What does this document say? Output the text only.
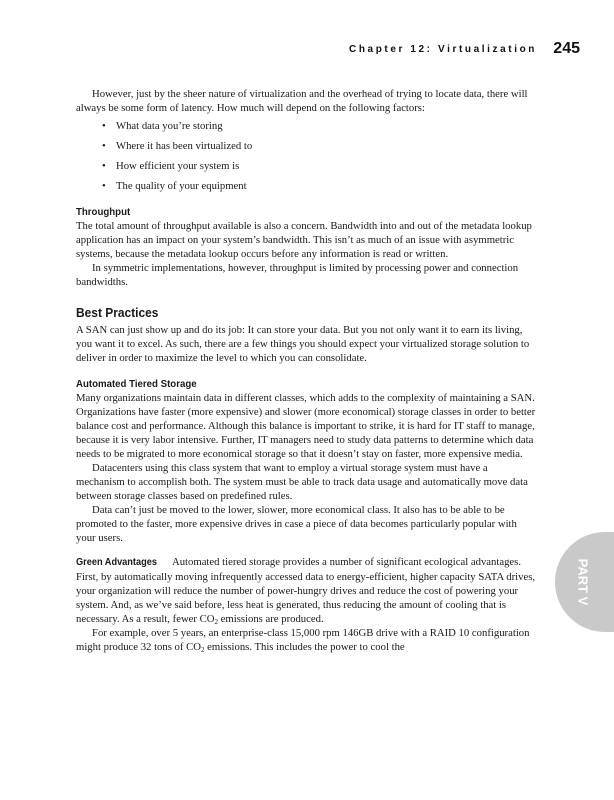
Chapter 12: Virtualization 245

However, just by the sheer nature of virtualization and the overhead of trying to locate data, there will always be some form of latency. How much will depend on the following factors:

• What data you’re storing
• Where it has been virtualized to
• How efficient your system is
• The quality of your equipment
Throughput

The total amount of throughput available is also a concern. Bandwidth into and out of the metadata lookup application has an impact on your system’s bandwidth. This isn’t as much of an issue with asymmetric systems, because the metadata lookup occurs before any information is read or written.

In symmetric implementations, however, throughput is limited by processing power and connection bandwidths.

Best Practices

A SAN can just show up and do its job: It can store your data. But you not only want it to earn its living, you want it to excel. As such, there are a few things you should expect your virtualized storage solution to deliver in order to maximize the level to which you can consolidate.

Automated Tiered Storage

Many organizations maintain data in different classes, which adds to the complexity of maintaining a SAN. Organizations have faster (more expensive) and slower (more economical) storage classes in order to better balance cost and performance. Although this balance is important to strike, it is hard for IT staff to manage, because it is very labor intensive. Further, IT managers need to study data patterns to determine which data needs to be migrated to more economical storage so that it doesn’t stay on faster, more expensive media.

Datacenters using this class system that want to employ a virtual storage system must have a mechanism to accomplish both. The system must be able to track data usage and automatically move data between storage classes based on predefined rules.

Data can’t just be moved to the lower, slower, more economical class. It also has to be able to be promoted to the faster, more expensive drives in case a piece of data becomes particularly popular with your users.

Green Advantages Automated tiered storage provides a number of significant ecological advantages. First, by automatically moving infrequently accessed data to energy-efficient, higher capacity SATA drives, your organization will reduce the number of power-hungry drives and reduce the cost of powering your system. And, as we’ve said before, less heat is generated, thus reducing the amount of cooling that is necessary. As a result, fewer $CO_2$ emissions are produced.

For example, over 5 years, an enterprise-class 15,000 rpm 146GB drive with a RAID 10 configuration might produce 32 tons of $CO_2$ emissions. This includes the power to cool the

PART V
